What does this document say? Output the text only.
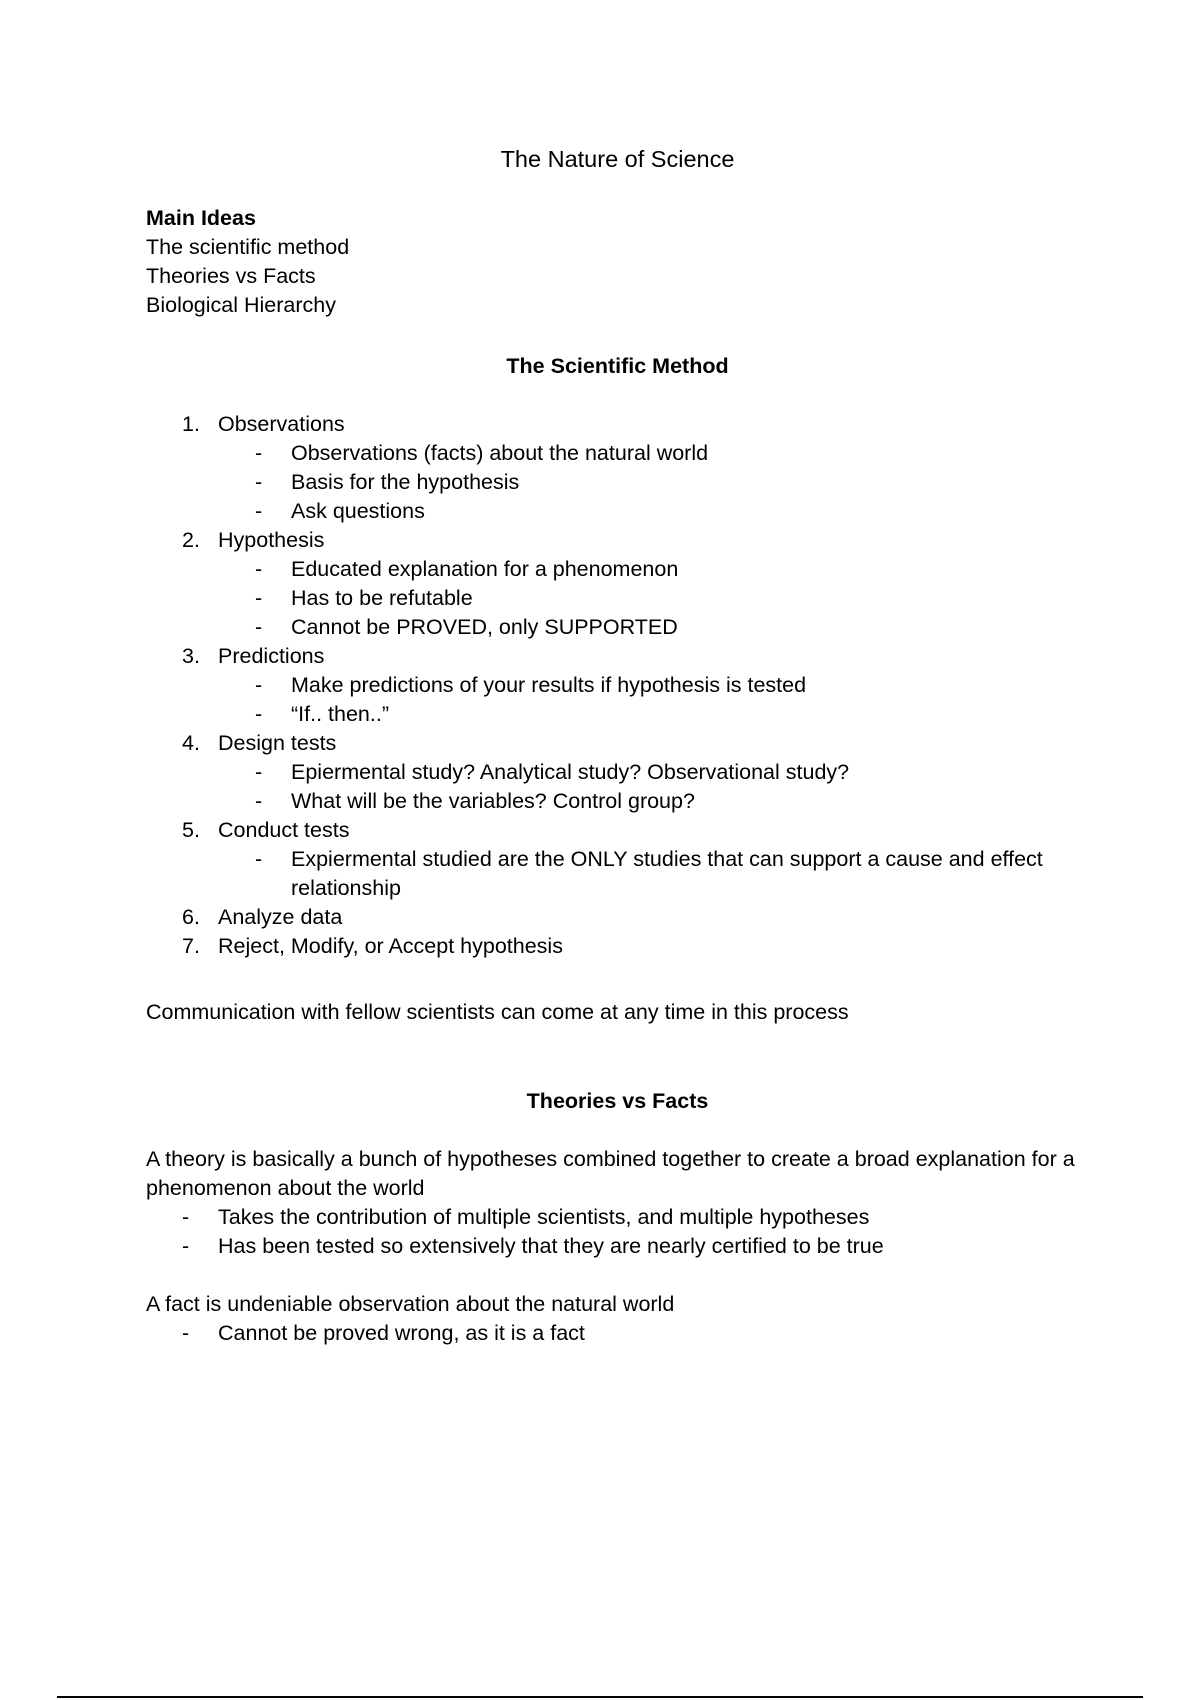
The Nature of Science

Main Ideas

The scientific method

Theories vs Facts

Biological Hierarchy

The Scientific Method

1. Observations

- Observations (facts) about the natural world

- Basis for the hypothesis

- Ask questions

2. Hypothesis

- Educated explanation for a phenomenon

- Has to be refutable

- Cannot be PROVED, only SUPPORTED

3. Predictions

- Make predictions of your results if hypothesis is tested

- “If.. then..”

4. Design tests

- Epiermental study? Analytical study? Observational study?

- What will be the variables? Control group?

5. Conduct tests

- Expiermental studied are the ONLY studies that can support a cause and effect relationship

6. Analyze data

7. Reject, Modify, or Accept hypothesis

Communication with fellow scientists can come at any time in this process

Theories vs Facts

A theory is basically a bunch of hypotheses combined together to create a broad explanation for a phenomenon about the world

- Takes the contribution of multiple scientists, and multiple hypotheses

- Has been tested so extensively that they are nearly certified to be true

A fact is undeniable observation about the natural world

- Cannot be proved wrong, as it is a fact
